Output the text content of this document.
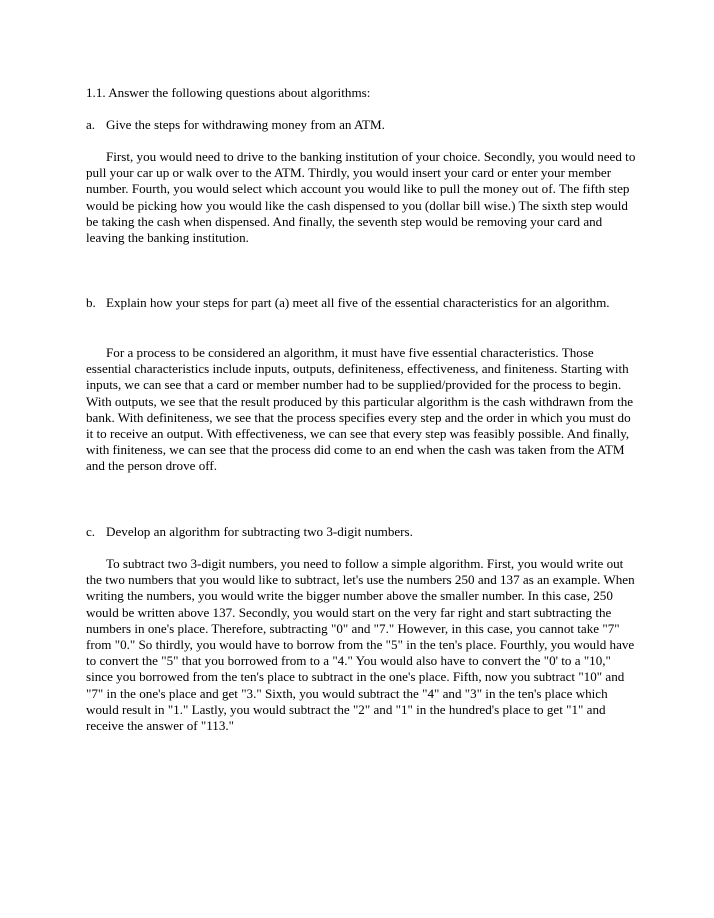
1.1. Answer the following questions about algorithms:

a. Give the steps for withdrawing money from an ATM.

First, you would need to drive to the banking institution of your choice. Secondly, you would need to pull your car up or walk over to the ATM. Thirdly, you would insert your card or enter your member number. Fourth, you would select which account you would like to pull the money out of. The fifth step would be picking how you would like the cash dispensed to you (dollar bill wise.) The sixth step would be taking the cash when dispensed. And finally, the seventh step would be removing your card and leaving the banking institution.

b. Explain how your steps for part (a) meet all five of the essential characteristics for an algorithm.

For a process to be considered an algorithm, it must have five essential characteristics. Those essential characteristics include inputs, outputs, definiteness, effectiveness, and finiteness. Starting with inputs, we can see that a card or member number had to be supplied/provided for the process to begin. With outputs, we see that the result produced by this particular algorithm is the cash withdrawn from the bank. With definiteness, we see that the process specifies every step and the order in which you must do it to receive an output. With effectiveness, we can see that every step was feasibly possible. And finally, with finiteness, we can see that the process did come to an end when the cash was taken from the ATM and the person drove off.

c. Develop an algorithm for subtracting two 3-digit numbers.

To subtract two 3-digit numbers, you need to follow a simple algorithm. First, you would write out the two numbers that you would like to subtract, let's use the numbers 250 and 137 as an example. When writing the numbers, you would write the bigger number above the smaller number. In this case, 250 would be written above 137. Secondly, you would start on the very far right and start subtracting the numbers in one's place. Therefore, subtracting "0" and "7." However, in this case, you cannot take "7" from "0." So thirdly, you would have to borrow from the "5" in the ten's place. Fourthly, you would have to convert the "5" that you borrowed from to a "4." You would also have to convert the "0' to a "10," since you borrowed from the ten's place to subtract in the one's place. Fifth, now you subtract "10" and "7" in the one's place and get "3." Sixth, you would subtract the "4" and "3" in the ten's place which would result in "1." Lastly, you would subtract the "2" and "1" in the hundred's place to get "1" and receive the answer of "113."
